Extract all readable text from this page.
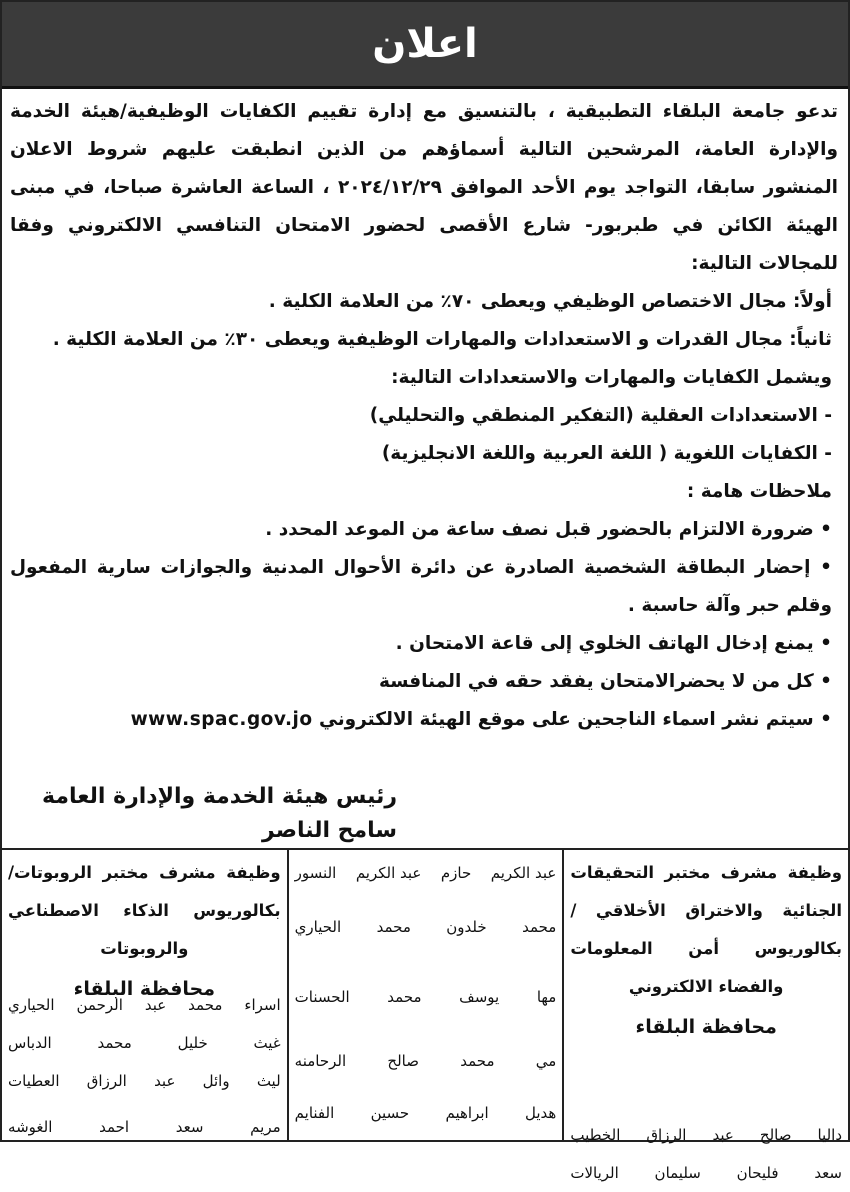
اعلان

تدعو جامعة البلقاء التطبيقية ، بالتنسيق مع إدارة تقييم الكفايات الوظيفية/هيئة الخدمة والإدارة العامة، المرشحين التالية أسماؤهم من الذين انطبقت عليهم شروط الاعلان المنشور سابقا، التواجد يوم الأحد الموافق ٢٠٢٤/١٢/٢٩ ، الساعة العاشرة صباحا، في مبنى الهيئة الكائن في طبربور- شارع الأقصى لحضور الامتحان التنافسي الالكتروني وفقا للمجالات التالية:

أولاً: مجال الاختصاص الوظيفي ويعطى ٧٠٪ من العلامة الكلية .

ثانياً: مجال القدرات و الاستعدادات والمهارات الوظيفية ويعطى ٣٠٪ من العلامة الكلية .

ويشمل الكفايات والمهارات والاستعدادات التالية:

- الاستعدادات العقلية (التفكير المنطقي والتحليلي)

- الكفايات اللغوية ( اللغة العربية واللغة الانجليزية)

ملاحظات هامة :

• ضرورة الالتزام بالحضور قبل نصف ساعة من الموعد المحدد .

• إحضار البطاقة الشخصية الصادرة عن دائرة الأحوال المدنية والجوازات سارية المفعول وقلم حبر وآلة حاسبة .

• يمنع إدخال الهاتف الخلوي إلى قاعة الامتحان .

• كل من لا يحضرالامتحان يفقد حقه في المنافسة

• سيتم نشر اسماء الناجحين على موقع الهيئة الالكتروني www.spac.gov.jo

رئيس هيئة الخدمة والإدارة العامة
سامح الناصر
وظيفة مشرف مختبر التحقيقات الجنائية والاختراق الأخلاقي /بكالوريوس أمن المعلومات والفضاء الالكتروني
محافظة البلقاء
داليا
صالح
عبد
الرزاق
الخطيب
سعد
فليحان
سليمان
الريالات
عبد الكريم
حازم
عبد الكريم
النسور
محمد
خلدون
محمد
الحياري
مها
يوسف
محمد
الحسنات
مي
محمد
صالح
الرحامنه
هديل
ابراهيم
حسين
الفنايم
وظيفة مشرف مختبر الروبوتات/ بكالوريوس الذكاء الاصطناعي والروبوتات
محافظة البلقاء
اسراء
محمد
عبد
الرحمن
الحياري
غيث
خليل
محمد
الدباس
ليث
وائل
عبد
الرزاق
العطيات
مريم
سعد
احمد
الغوشه
